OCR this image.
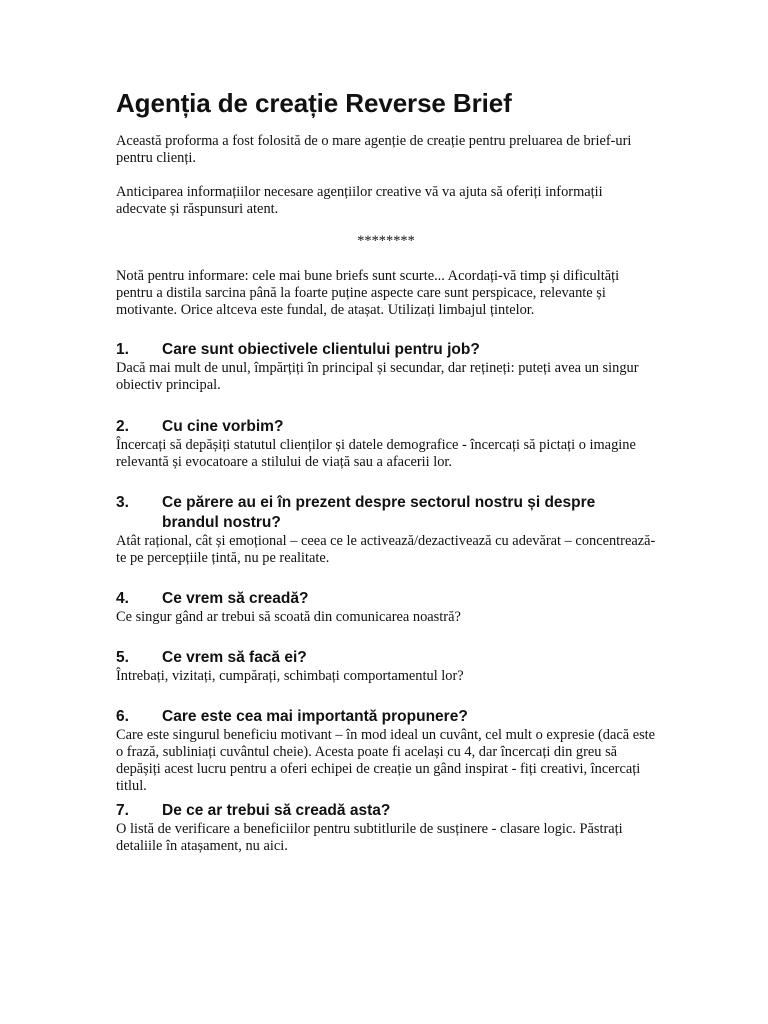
Agenția de creație Reverse Brief

Această proforma a fost folosită de o mare agenție de creație pentru preluarea de brief-uri pentru clienți.

Anticiparea informațiilor necesare agențiilor creative vă va ajuta să oferiți informații adecvate și răspunsuri atent.

********

Notă pentru informare: cele mai bune briefs sunt scurte... Acordați-vă timp și dificultăți pentru a distila sarcina până la foarte puține aspecte care sunt perspicace, relevante și motivante. Orice altceva este fundal, de atașat. Utilizați limbajul țintelor.

1.	Care sunt obiectivele clientului pentru job?

Dacă mai mult de unul, împărțiți în principal și secundar, dar rețineți: puteți avea un singur obiectiv principal.

2.	Cu cine vorbim?

Încercați să depășiți statutul clienților și datele demografice - încercați să pictați o imagine relevantă și evocatoare a stilului de viață sau a afacerii lor.

3.	Ce părere au ei în prezent despre sectorul nostru și despre brandul nostru?

Atât rațional, cât și emoțional – ceea ce le activează/dezactivează cu adevărat – concentrează-te pe percepțiile țintă, nu pe realitate.

4.	Ce vrem să creadă?

Ce singur gând ar trebui să scoată din comunicarea noastră?

5.	Ce vrem să facă ei?

Întrebați, vizitați, cumpărați, schimbați comportamentul lor?

6.	Care este cea mai importantă propunere?

Care este singurul beneficiu motivant – în mod ideal un cuvânt, cel mult o expresie (dacă este o frază, subliniați cuvântul cheie). Acesta poate fi același cu 4, dar încercați din greu să depășiți acest lucru pentru a oferi echipei de creație un gând inspirat - fiți creativi, încercați titlul.

7.	De ce ar trebui să creadă asta?

O listă de verificare a beneficiilor pentru subtitlurile de susținere - clasare logic. Păstrați detaliile în atașament, nu aici.
